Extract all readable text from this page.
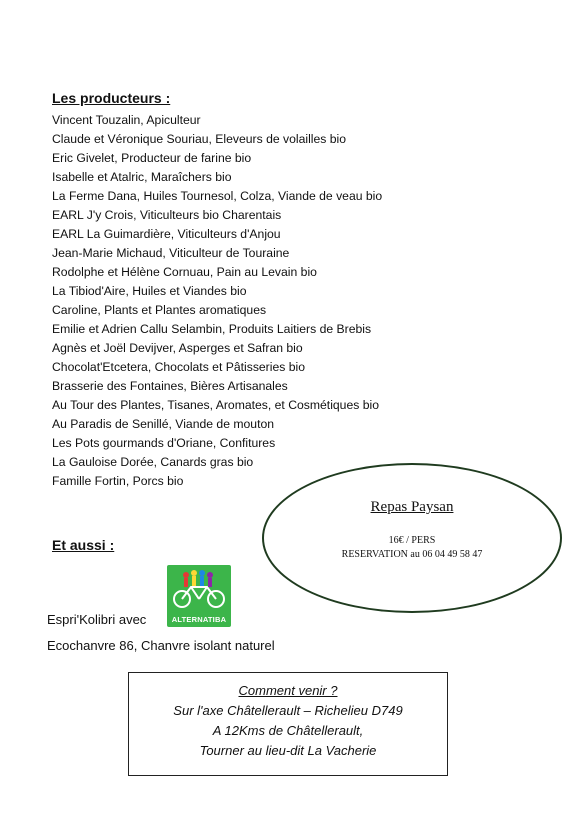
Les producteurs :
Vincent Touzalin, Apiculteur
Claude et Véronique Souriau, Eleveurs de volailles bio
Eric Givelet, Producteur de farine bio
Isabelle et Atalric, Maraîchers bio
La Ferme Dana, Huiles Tournesol, Colza, Viande de veau bio
EARL J'y Crois, Viticulteurs bio Charentais
EARL La Guimardière, Viticulteurs d'Anjou
Jean-Marie Michaud, Viticulteur de Touraine
Rodolphe et Hélène Cornuau, Pain au Levain bio
La Tibiod'Aire, Huiles et Viandes bio
Caroline, Plants et Plantes aromatiques
Emilie et Adrien Callu Selambin, Produits Laitiers de Brebis
Agnès et Joël Devijver, Asperges et Safran bio
Chocolat'Etcetera, Chocolats et Pâtisseries bio
Brasserie des Fontaines, Bières Artisanales
Au Tour des Plantes, Tisanes, Aromates, et Cosmétiques bio
Au Paradis de Senillé, Viande de mouton
Les Pots gourmands d'Oriane, Confitures
La Gauloise Dorée, Canards gras bio
Famille Fortin, Porcs bio
Repas Paysan
16€ / PERS
RESERVATION au 06 04 49 58 47
Et aussi :
ALTERNATIBA
Espri'Kolibri avec
Ecochanvre 86, Chanvre isolant naturel
Comment venir ?
Sur l'axe Châtellerault – Richelieu D749
A 12Kms de Châtellerault,
Tourner au lieu-dit La Vacherie
